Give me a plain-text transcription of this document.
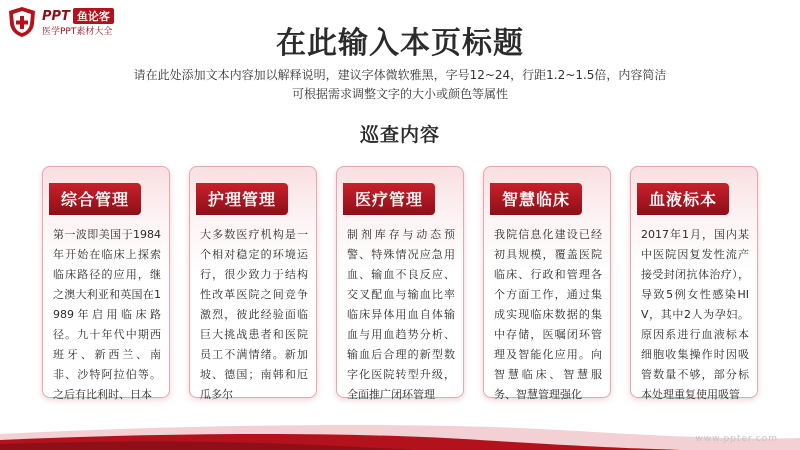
PPT 鱼论客
医学PPT素材大全	在此输入本页标题
请在此处添加文本内容加以解释说明，建议字体微软雅黑，字号12~24，行距1.2~1.5倍，内容简洁
可根据需求调整文字的大小或颜色等属性
巡查内容
综合管理
第一波即美国于1984年开始在临床上探索临床路径的应用，继之澳大利亚和英国在1989年启用临床路径。九十年代中期西班牙、新西兰、南非、沙特阿拉伯等。之后有比利时、日本
护理管理
大多数医疗机构是一个相对稳定的环境运行，很少致力于结构性改革医院之间竞争激烈，彼此经验面临巨大挑战患者和医院员工不满情绪。新加坡、德国；南韩和厄瓜多尔
医疗管理
制剂库存与动态预警、特殊情况应急用血、输血不良反应、交叉配血与输血比率临床异体用血自体输血与用血趋势分析、输血后合理的新型数字化医院转型升级，全面推广闭环管理
智慧临床
我院信息化建设已经初具规模，覆盖医院临床、行政和管理各个方面工作，通过集成实现临床数据的集中存储，医嘱闭环管理及智能化应用。向智慧临床、智慧服务、智慧管理强化
血液标本
2017年1月，国内某中医院因复发性流产接受封闭抗体治疗），导致5例女性感染HIV，其中2人为孕妇。原因系进行血液标本细胞收集操作时因吸管数量不够，部分标本处理重复使用吸管
www.ppter.com
